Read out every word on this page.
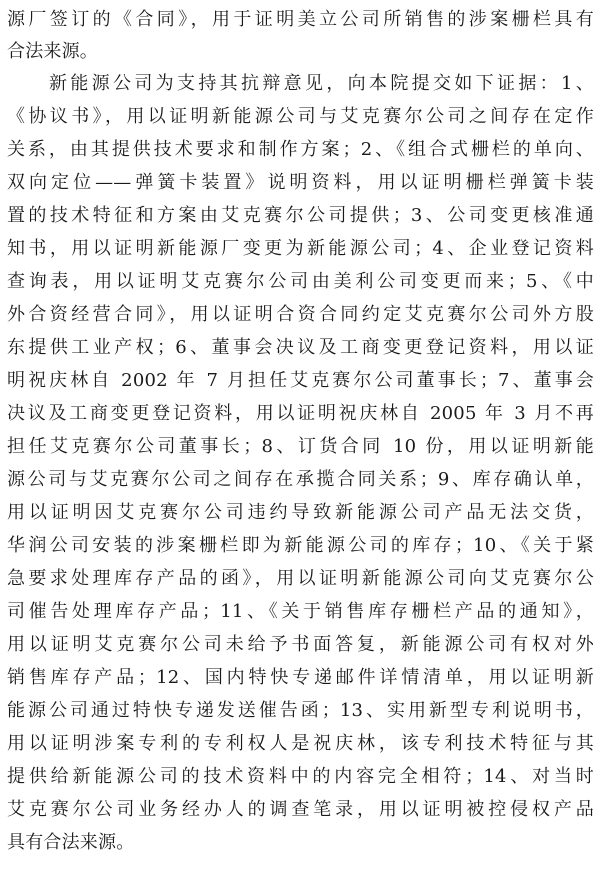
源厂签订的《合同》，用于证明美立公司所销售的涉案栅栏具有
合法来源。
新能源公司为支持其抗辩意见，向本院提交如下证据：1、
《协议书》，用以证明新能源公司与艾克赛尔公司之间存在定作
关系，由其提供技术要求和制作方案；2、《组合式栅栏的单向、
双向定位——弹簧卡装置》说明资料，用以证明栅栏弹簧卡装
置的技术特征和方案由艾克赛尔公司提供；3、公司变更核准通
知书，用以证明新能源厂变更为新能源公司；4、企业登记资料
查询表，用以证明艾克赛尔公司由美利公司变更而来；5、《中
外合资经营合同》，用以证明合资合同约定艾克赛尔公司外方股
东提供工业产权；6、董事会决议及工商变更登记资料，用以证
明祝庆林自 2002 年 7 月担任艾克赛尔公司董事长；7、董事会
决议及工商变更登记资料，用以证明祝庆林自 2005 年 3 月不再
担任艾克赛尔公司董事长；8、订货合同 10 份，用以证明新能
源公司与艾克赛尔公司之间存在承揽合同关系；9、库存确认单，
用以证明因艾克赛尔公司违约导致新能源公司产品无法交货，
华润公司安装的涉案栅栏即为新能源公司的库存；10、《关于紧
急要求处理库存产品的函》，用以证明新能源公司向艾克赛尔公
司催告处理库存产品；11、《关于销售库存栅栏产品的通知》，
用以证明艾克赛尔公司未给予书面答复，新能源公司有权对外
销售库存产品；12、国内特快专递邮件详情清单，用以证明新
能源公司通过特快专递发送催告函；13、实用新型专利说明书，
用以证明涉案专利的专利权人是祝庆林，该专利技术特征与其
提供给新能源公司的技术资料中的内容完全相符；14、对当时
艾克赛尔公司业务经办人的调查笔录，用以证明被控侵权产品
具有合法来源。
